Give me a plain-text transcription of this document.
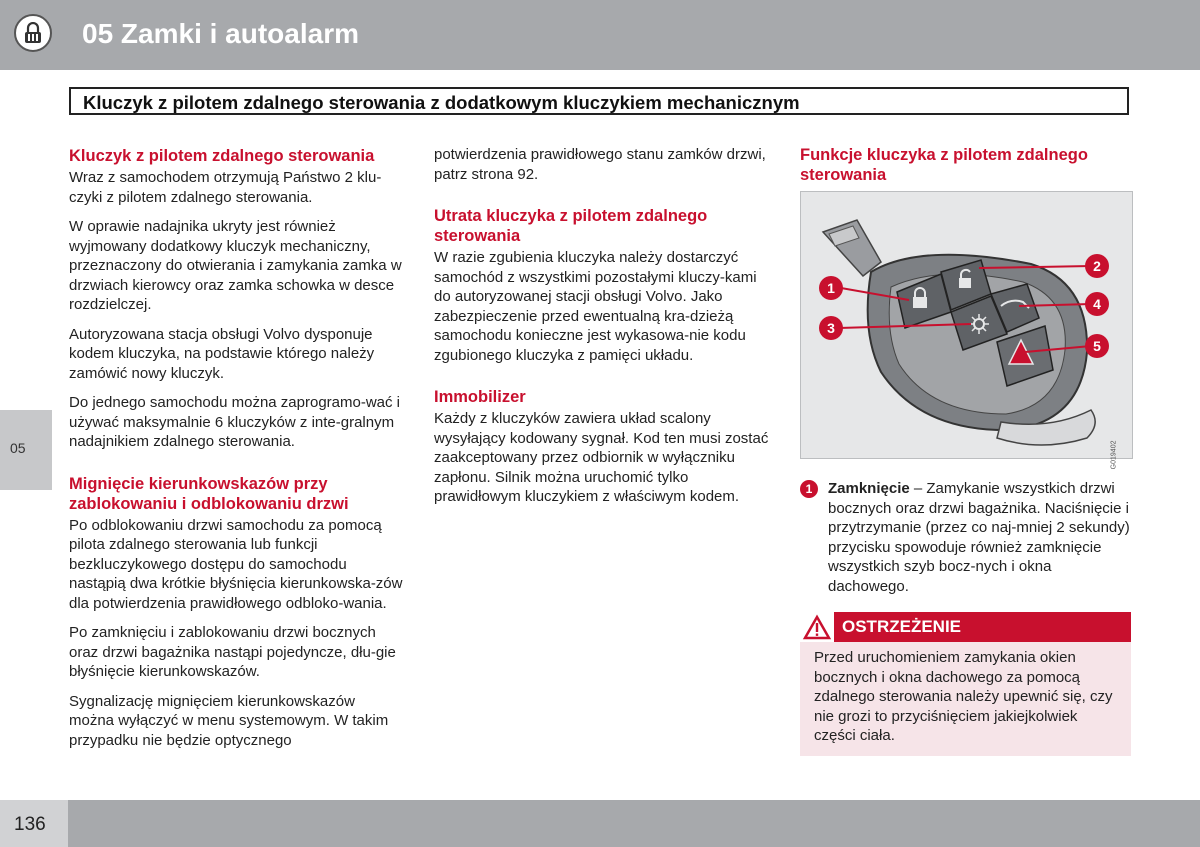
05 Zamki i autoalarm
05
Kluczyk z pilotem zdalnego sterowania z dodatkowym kluczykiem mechanicznym
Kluczyk z pilotem zdalnego sterowania

Wraz z samochodem otrzymują Państwo 2 klu-czyki z pilotem zdalnego sterowania.

W oprawie nadajnika ukryty jest również wyjmowany dodatkowy kluczyk mechaniczny, przeznaczony do otwierania i zamykania zamka w drzwiach kierowcy oraz zamka schowka w desce rozdzielczej.

Autoryzowana stacja obsługi Volvo dysponuje kodem kluczyka, na podstawie którego należy zamówić nowy kluczyk.

Do jednego samochodu można zaprogramo-wać i używać maksymalnie 6 kluczyków z inte-gralnym nadajnikiem zdalnego sterowania.

Mignięcie kierunkowskazów przy zablokowaniu i odblokowaniu drzwi

Po odblokowaniu drzwi samochodu za pomocą pilota zdalnego sterowania lub funkcji bezkluczykowego dostępu do samochodu nastąpią dwa krótkie błyśnięcia kierunkowska-zów dla potwierdzenia prawidłowego odbloko-wania.

Po zamknięciu i zablokowaniu drzwi bocznych oraz drzwi bagażnika nastąpi pojedyncze, dłu-gie błyśnięcie kierunkowskazów.

Sygnalizację mignięciem kierunkowskazów można wyłączyć w menu systemowym. W takim przypadku nie będzie optycznego

potwierdzenia prawidłowego stanu zamków drzwi, patrz strona 92.

Utrata kluczyka z pilotem zdalnego sterowania

W razie zgubienia kluczyka należy dostarczyć samochód z wszystkimi pozostałymi kluczy-kami do autoryzowanej stacji obsługi Volvo. Jako zabezpieczenie przed ewentualną kra-dzieżą samochodu konieczne jest wykasowa-nie kodu zgubionego kluczyka z pamięci układu.

Immobilizer

Każdy z kluczyków zawiera układ scalony wysyłający kodowany sygnał. Kod ten musi zostać zaakceptowany przez odbiornik w wyłączniku zapłonu. Silnik można uruchomić tylko prawidłowym kluczykiem z właściwym kodem.

Funkcje kluczyka z pilotem zdalnego sterowania
1
2
3
4
5
G019402
1	Zamknięcie – Zamykanie wszystkich drzwi bocznych oraz drzwi bagażnika. Naciśnięcie i przytrzymanie (przez co naj-mniej 2 sekundy) przycisku spowoduje również zamknięcie wszystkich szyb bocz-nych i okna dachowego.
OSTRZEŻENIE
Przed uruchomieniem zamykania okien bocznych i okna dachowego za pomocą zdalnego sterowania należy upewnić się, czy nie grozi to przyciśnięciem jakiejkolwiek części ciała.
136
